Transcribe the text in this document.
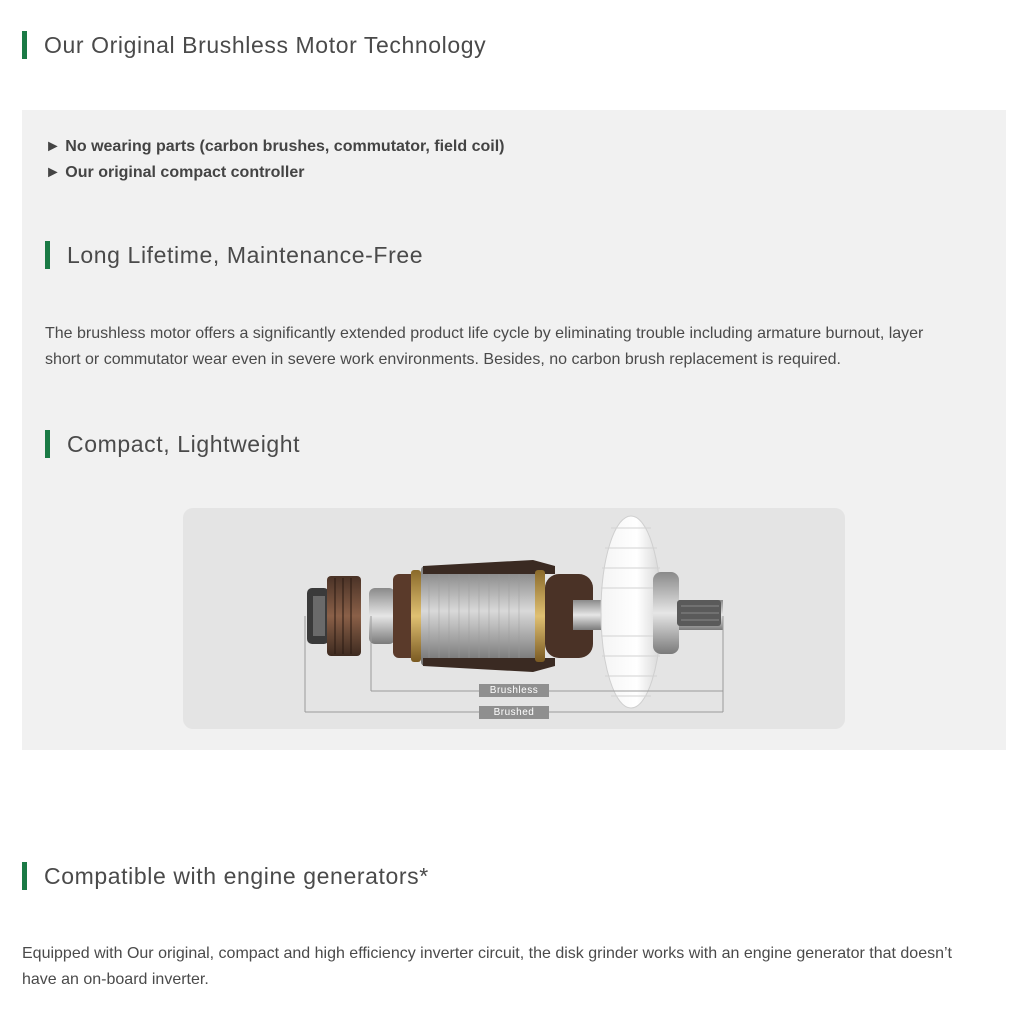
Our Original Brushless Motor Technology
► No wearing parts (carbon brushes, commutator, field coil)
► Our original compact controller
Long Lifetime, Maintenance-Free
The brushless motor offers a significantly extended product life cycle by eliminating trouble including armature burnout, layer
short or commutator wear even in severe work environments. Besides, no carbon brush replacement is required.
Compact, Lightweight
Brushless
Brushed
Compatible with engine generators*
Equipped with Our original, compact and high efficiency inverter circuit, the disk grinder works with an engine generator that doesn’t
have an on-board inverter.
